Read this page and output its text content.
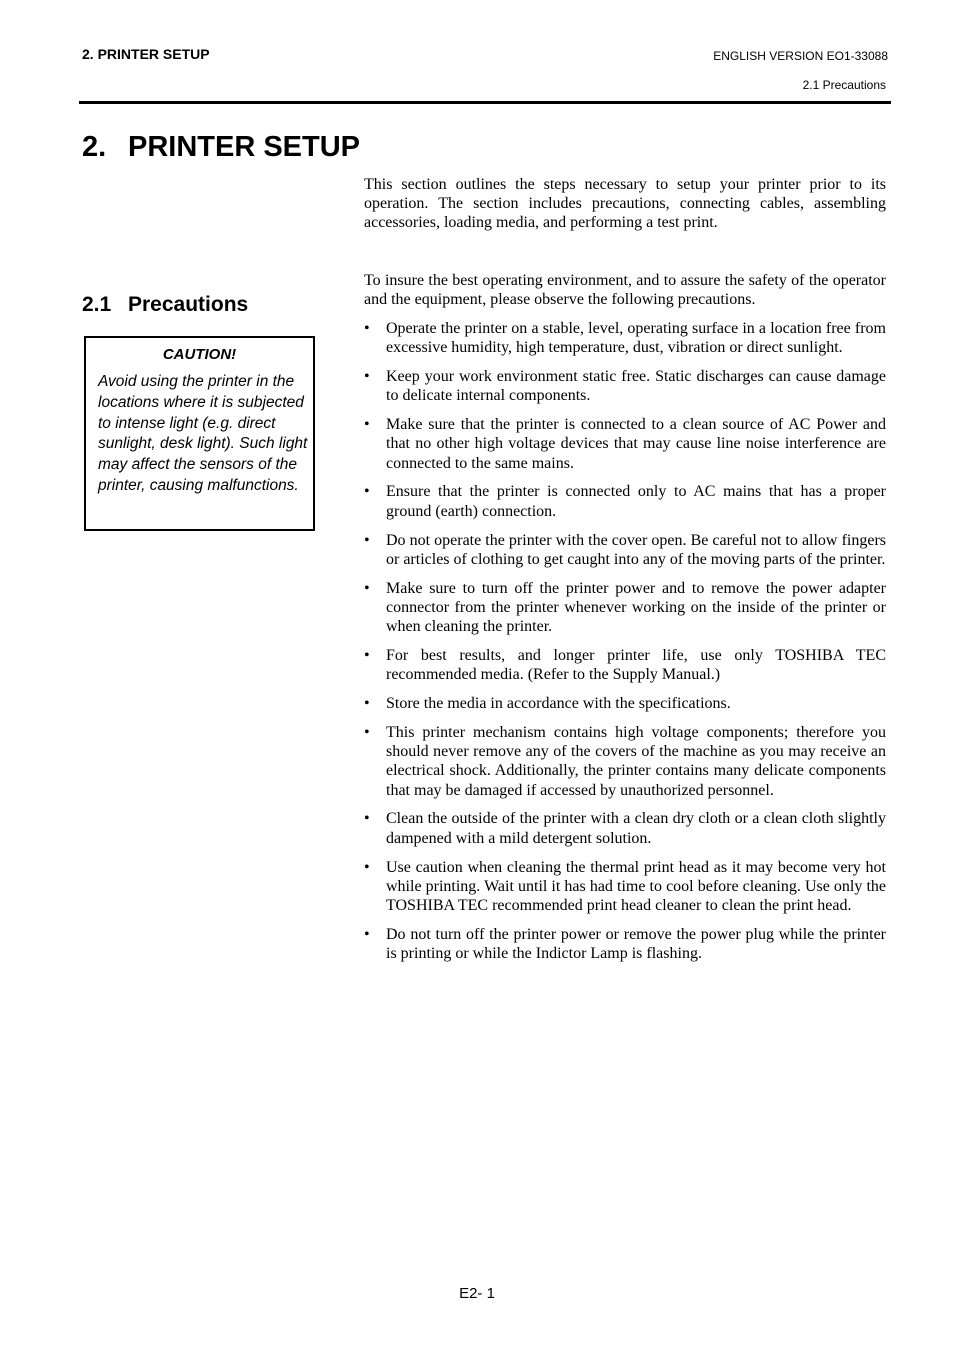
2. PRINTER SETUP	ENGLISH VERSION EO1-33088
2.1 Precautions
2. PRINTER SETUP
This section outlines the steps necessary to setup your printer prior to its operation. The section includes precautions, connecting cables, assembling accessories, loading media, and performing a test print.
2.1 Precautions
To insure the best operating environment, and to assure the safety of the operator and the equipment, please observe the following precautions.
CAUTION!
Avoid using the printer in the locations where it is subjected to intense light (e.g. direct sunlight, desk light). Such light may affect the sensors of the printer, causing malfunctions.
• Operate the printer on a stable, level, operating surface in a location free from excessive humidity, high temperature, dust, vibration or direct sunlight.
• Keep your work environment static free. Static discharges can cause damage to delicate internal components.
• Make sure that the printer is connected to a clean source of AC Power and that no other high voltage devices that may cause line noise interference are connected to the same mains.
• Ensure that the printer is connected only to AC mains that has a proper ground (earth) connection.
• Do not operate the printer with the cover open. Be careful not to allow fingers or articles of clothing to get caught into any of the moving parts of the printer.
• Make sure to turn off the printer power and to remove the power adapter connector from the printer whenever working on the inside of the printer or when cleaning the printer.
• For best results, and longer printer life, use only TOSHIBA TEC recommended media. (Refer to the Supply Manual.)
• Store the media in accordance with the specifications.
• This printer mechanism contains high voltage components; therefore you should never remove any of the covers of the machine as you may receive an electrical shock. Additionally, the printer contains many delicate components that may be damaged if accessed by unauthorized personnel.
• Clean the outside of the printer with a clean dry cloth or a clean cloth slightly dampened with a mild detergent solution.
• Use caution when cleaning the thermal print head as it may become very hot while printing. Wait until it has had time to cool before cleaning. Use only the TOSHIBA TEC recommended print head cleaner to clean the print head.
• Do not turn off the printer power or remove the power plug while the printer is printing or while the Indictor Lamp is flashing.
E2- 1
